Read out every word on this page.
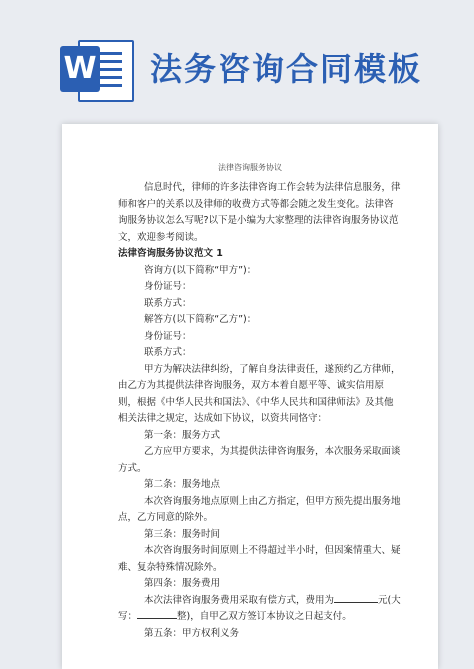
W 法务咨询合同模板
法律咨询服务协议

信息时代，律师的许多法律咨询工作会转为法律信息服务，律师和客户的关系以及律师的收费方式等都会随之发生变化。法律咨询服务协议怎么写呢?以下是小编为大家整理的法律咨询服务协议范文，欢迎参考阅读。

法律咨询服务协议范文 1

咨询方(以下简称“甲方”)：

身份证号：

联系方式：

解答方(以下简称“乙方”)：

身份证号：

联系方式：

甲方为解决法律纠纷，了解自身法律责任，遂预约乙方律师，由乙方为其提供法律咨询服务，双方本着自愿平等、诚实信用原则，根据《中华人民共和国法》、《中华人民共和国律师法》及其他相关法律之规定，达成如下协议，以资共同恪守：

第一条：服务方式

乙方应甲方要求，为其提供法律咨询服务，本次服务采取面谈方式。

第二条：服务地点

本次咨询服务地点原则上由乙方指定，但甲方预先提出服务地点，乙方同意的除外。

第三条：服务时间

本次咨询服务时间原则上不得超过半小时，但因案情重大、疑难、复杂特殊情况除外。

第四条：服务费用

本次法律咨询服务费用采取有偿方式，费用为	元(大写：	整)，自甲乙双方签订本协议之日起支付。

第五条：甲方权利义务
